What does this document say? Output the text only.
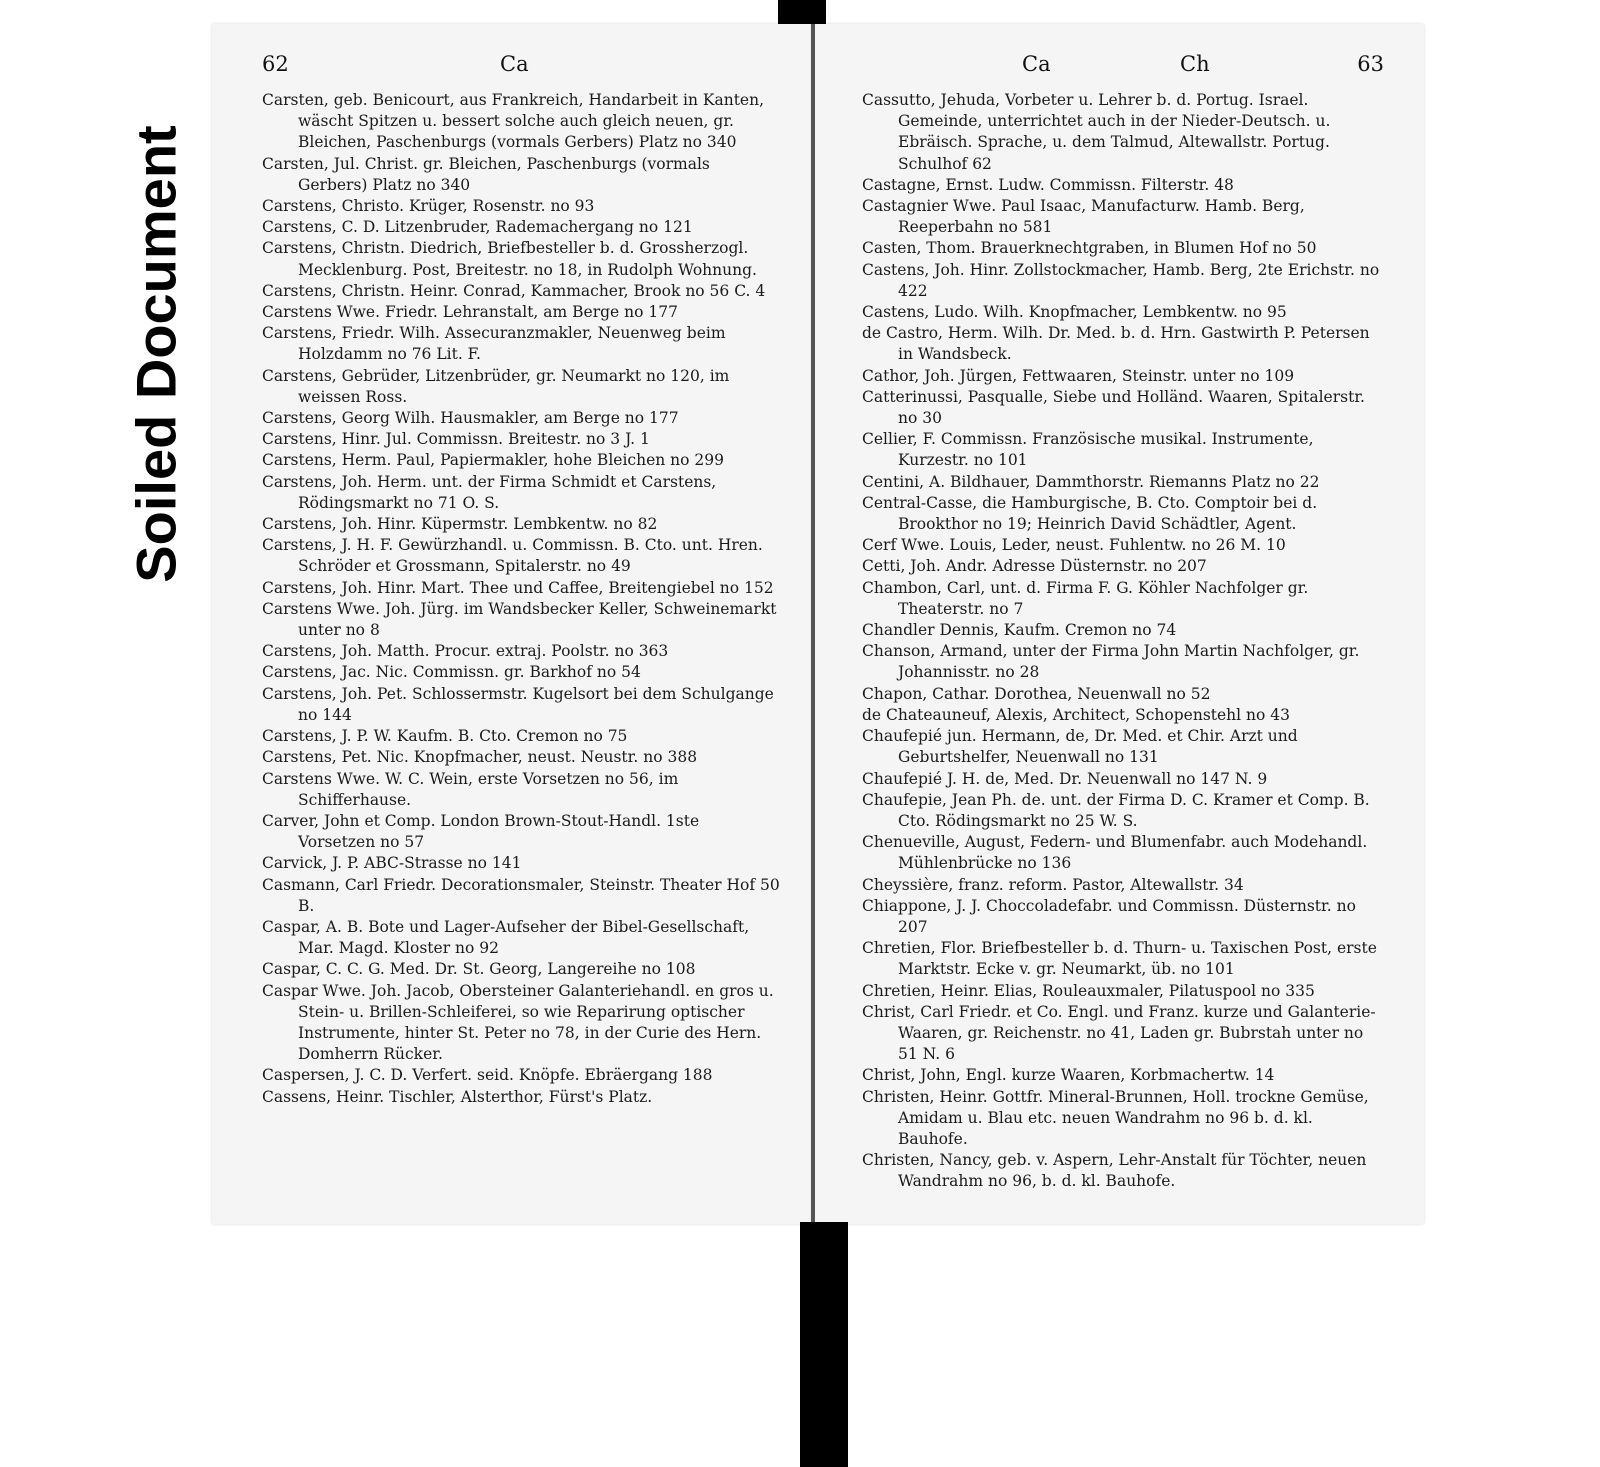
Soiled Document
62	Ca

Carsten, geb. Benicourt, aus Frankreich, Handarbeit in Kanten, wäscht Spitzen u. bessert solche auch gleich neuen, gr. Bleichen, Paschenburgs (vormals Gerbers) Platz no 340

Carsten, Jul. Christ. gr. Bleichen, Paschenburgs (vormals Gerbers) Platz no 340

Carstens, Christo. Krüger, Rosenstr. no 93

Carstens, C. D. Litzenbruder, Rademachergang no 121

Carstens, Christn. Diedrich, Briefbesteller b. d. Grossherzogl. Mecklenburg. Post, Breitestr. no 18, in Rudolph Wohnung.

Carstens, Christn. Heinr. Conrad, Kammacher, Brook no 56 C. 4

Carstens Wwe. Friedr. Lehranstalt, am Berge no 177

Carstens, Friedr. Wilh. Assecuranzmakler, Neuenweg beim Holzdamm no 76 Lit. F.

Carstens, Gebrüder, Litzenbrüder, gr. Neumarkt no 120, im weissen Ross.

Carstens, Georg Wilh. Hausmakler, am Berge no 177

Carstens, Hinr. Jul. Commissn. Breitestr. no 3 J. 1

Carstens, Herm. Paul, Papiermakler, hohe Bleichen no 299

Carstens, Joh. Herm. unt. der Firma Schmidt et Carstens, Rödingsmarkt no 71 O. S.

Carstens, Joh. Hinr. Küpermstr. Lembkentw. no 82

Carstens, J. H. F. Gewürzhandl. u. Commissn. B. Cto. unt. Hren. Schröder et Grossmann, Spitalerstr. no 49

Carstens, Joh. Hinr. Mart. Thee und Caffee, Breitengiebel no 152

Carstens Wwe. Joh. Jürg. im Wandsbecker Keller, Schweinemarkt unter no 8

Carstens, Joh. Matth. Procur. extraj. Poolstr. no 363

Carstens, Jac. Nic. Commissn. gr. Barkhof no 54

Carstens, Joh. Pet. Schlossermstr. Kugelsort bei dem Schulgange no 144

Carstens, J. P. W. Kaufm. B. Cto. Cremon no 75

Carstens, Pet. Nic. Knopfmacher, neust. Neustr. no 388

Carstens Wwe. W. C. Wein, erste Vorsetzen no 56, im Schifferhause.

Carver, John et Comp. London Brown-Stout-Handl. 1ste Vorsetzen no 57

Carvick, J. P. ABC-Strasse no 141

Casmann, Carl Friedr. Decorationsmaler, Steinstr. Theater Hof 50 B.

Caspar, A. B. Bote und Lager-Aufseher der Bibel-Gesellschaft, Mar. Magd. Kloster no 92

Caspar, C. C. G. Med. Dr. St. Georg, Langereihe no 108

Caspar Wwe. Joh. Jacob, Obersteiner Galanteriehandl. en gros u. Stein- u. Brillen-Schleiferei, so wie Reparirung optischer Instrumente, hinter St. Peter no 78, in der Curie des Hern. Domherrn Rücker.

Caspersen, J. C. D. Verfert. seid. Knöpfe. Ebräergang 188

Cassens, Heinr. Tischler, Alsterthor, Fürst's Platz.

Ca	Ch	63

Cassutto, Jehuda, Vorbeter u. Lehrer b. d. Portug. Israel. Gemeinde, unterrichtet auch in der Nieder-Deutsch. u. Ebräisch. Sprache, u. dem Talmud, Altewallstr. Portug. Schulhof 62

Castagne, Ernst. Ludw. Commissn. Filterstr. 48

Castagnier Wwe. Paul Isaac, Manufacturw. Hamb. Berg, Reeperbahn no 581

Casten, Thom. Brauerknechtgraben, in Blumen Hof no 50

Castens, Joh. Hinr. Zollstockmacher, Hamb. Berg, 2te Erichstr. no 422

Castens, Ludo. Wilh. Knopfmacher, Lembkentw. no 95

de Castro, Herm. Wilh. Dr. Med. b. d. Hrn. Gastwirth P. Petersen in Wandsbeck.

Cathor, Joh. Jürgen, Fettwaaren, Steinstr. unter no 109

Catterinussi, Pasqualle, Siebe und Holländ. Waaren, Spitalerstr. no 30

Cellier, F. Commissn. Französische musikal. Instrumente, Kurzestr. no 101

Centini, A. Bildhauer, Dammthorstr. Riemanns Platz no 22

Central-Casse, die Hamburgische, B. Cto. Comptoir bei d. Brookthor no 19; Heinrich David Schädtler, Agent.

Cerf Wwe. Louis, Leder, neust. Fuhlentw. no 26 M. 10

Cetti, Joh. Andr. Adresse Düsternstr. no 207

Chambon, Carl, unt. d. Firma F. G. Köhler Nachfolger gr. Theaterstr. no 7

Chandler Dennis, Kaufm. Cremon no 74

Chanson, Armand, unter der Firma John Martin Nachfolger, gr. Johannisstr. no 28

Chapon, Cathar. Dorothea, Neuenwall no 52

de Chateauneuf, Alexis, Architect, Schopenstehl no 43

Chaufepié jun. Hermann, de, Dr. Med. et Chir. Arzt und Geburtshelfer, Neuenwall no 131

Chaufepié J. H. de, Med. Dr. Neuenwall no 147 N. 9

Chaufepie, Jean Ph. de. unt. der Firma D. C. Kramer et Comp. B. Cto. Rödingsmarkt no 25 W. S.

Chenueville, August, Federn- und Blumenfabr. auch Modehandl. Mühlenbrücke no 136

Cheyssière, franz. reform. Pastor, Altewallstr. 34

Chiappone, J. J. Choccoladefabr. und Commissn. Düsternstr. no 207

Chretien, Flor. Briefbesteller b. d. Thurn- u. Taxischen Post, erste Marktstr. Ecke v. gr. Neumarkt, üb. no 101

Chretien, Heinr. Elias, Rouleauxmaler, Pilatuspool no 335

Christ, Carl Friedr. et Co. Engl. und Franz. kurze und Galanterie-Waaren, gr. Reichenstr. no 41, Laden gr. Bubrstah unter no 51 N. 6

Christ, John, Engl. kurze Waaren, Korbmachertw. 14

Christen, Heinr. Gottfr. Mineral-Brunnen, Holl. trockne Gemüse, Amidam u. Blau etc. neuen Wandrahm no 96 b. d. kl. Bauhofe.

Christen, Nancy, geb. v. Aspern, Lehr-Anstalt für Töchter, neuen Wandrahm no 96, b. d. kl. Bauhofe.
